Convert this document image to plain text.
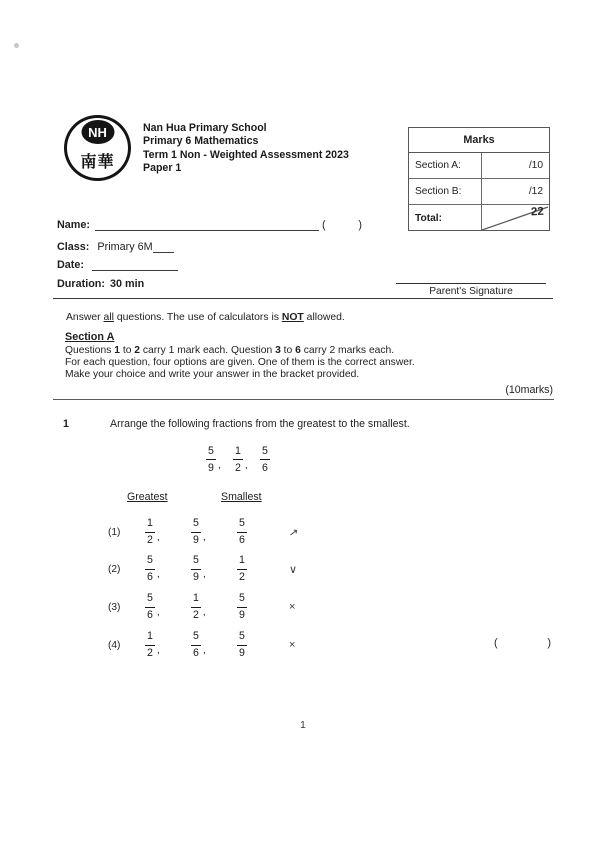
NH
南華
Nan Hua Primary School
Primary 6 Mathematics
Term 1 Non - Weighted Assessment 2023
Paper 1
Marks
Section A:	/10
Section B:	/12
Total:	22
Name:	(	)
Class: Primary 6M
Date:
Duration: 30 min
Parent's Signature
Answer all questions. The use of calculators is NOT allowed.
Section A
Questions 1 to 2 carry 1 mark each. Question 3 to 6 carry 2 marks each.
For each question, four options are given. One of them is the correct answer.
Make your choice and write your answer in the bracket provided.
(10marks)
1	Arrange the following fractions from the greatest to the smallest.
$\frac{5}{9}$ , $\frac{1}{2}$ , $\frac{5}{6}$
Greatest	Smallest
(1)	$\frac{1}{2}$ ,	$\frac{5}{9}$ ,	$\frac{5}{6}$	↗
(2)	$\frac{5}{6}$ ,	$\frac{5}{9}$ ,	$\frac{1}{2}$	∨
(3)	$\frac{5}{6}$ ,	$\frac{1}{2}$ ,	$\frac{5}{9}$	×
(4)	$\frac{1}{2}$ ,	$\frac{5}{6}$ ,	$\frac{5}{9}$	×	(	)
1
